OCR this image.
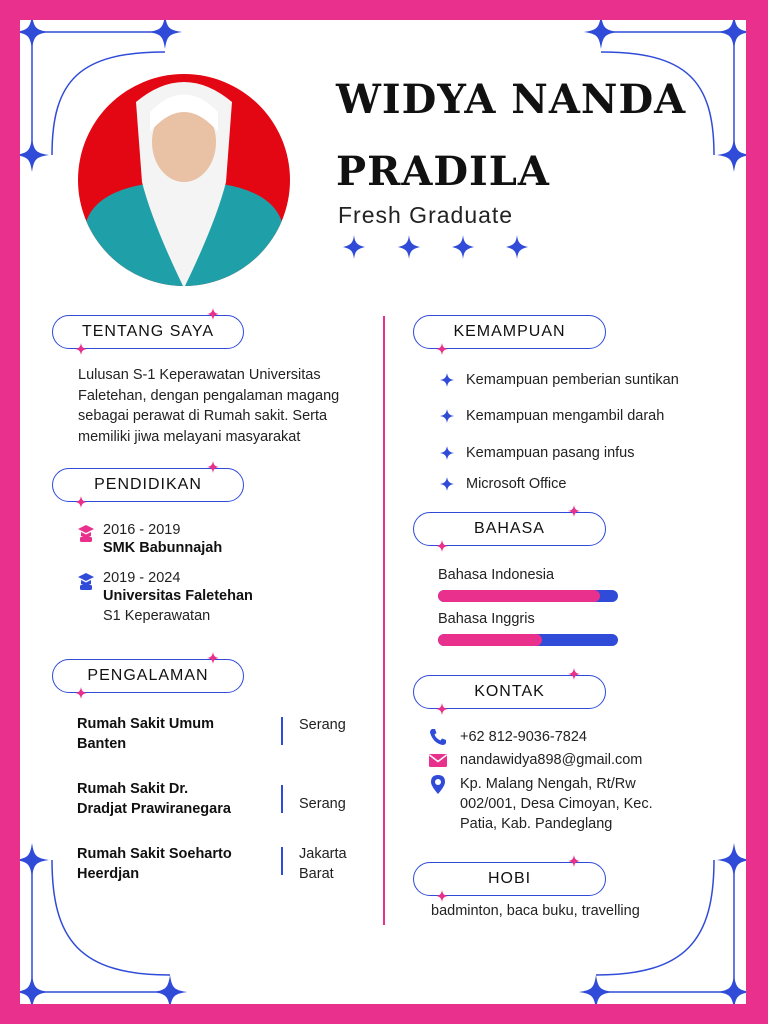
WIDYA NANDA
PRADILA
Fresh Graduate
TENTANG SAYA
Lulusan S-1 Keperawatan Universitas
Faletehan, dengan pengalaman magang
sebagai perawat di Rumah sakit. Serta
memiliki jiwa melayani masyarakat
PENDIDIKAN
2016 - 2019
SMK Babunnajah
2019 - 2024
Universitas Faletehan
S1 Keperawatan
PENGALAMAN
Rumah Sakit Umum
Banten
Serang
Rumah Sakit Dr.
Dradjat Prawiranegara	Serang
Rumah Sakit Soeharto
Heerdjan
Jakarta
Barat
KEMAMPUAN
Kemampuan pemberian suntikan
Kemampuan mengambil darah
Kemampuan pasang infus
Microsoft Office
BAHASA
Bahasa Indonesia
Bahasa Inggris
KONTAK
+62 812-9036-7824
nandawidya898@gmail.com
Kp. Malang Nengah, Rt/Rw
002/001, Desa Cimoyan, Kec.
Patia, Kab. Pandeglang
HOBI
badminton, baca buku, travelling
